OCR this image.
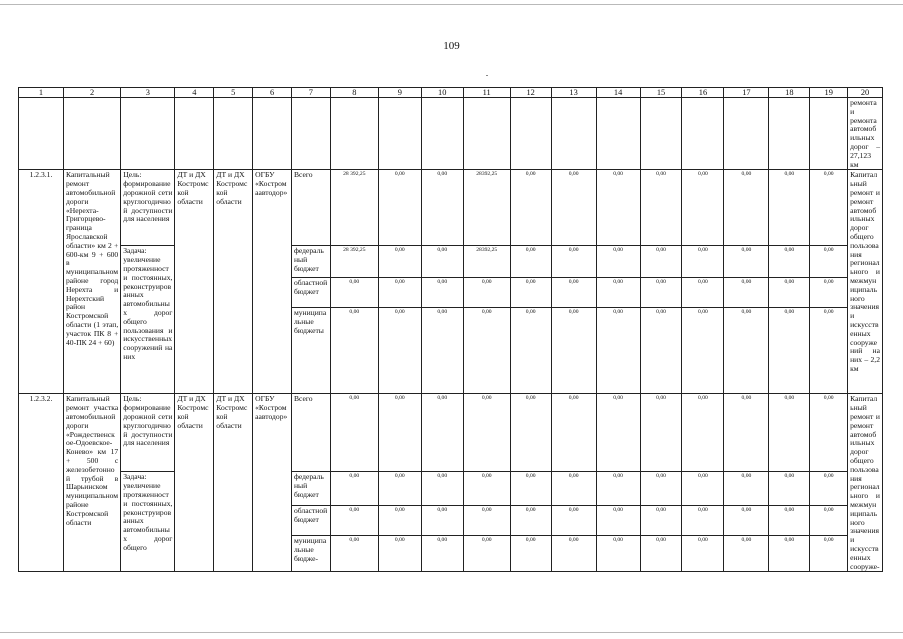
109
1	2	3	4	5	6	7	8	9	10	11	12	13	14	15	16	17	18	19	20
																			ремонта и ремонта автомобильных дорог – 27,123 км
1.2.3.1.	Капитальный ремонт автомобильной дороги «Нерехта-Григорцево-граница Ярославской области» км 2 + 600-км 9 + 600 в муниципальном районе город Нерехта и Нерехтский район Костромской области (1 этап, участок ПК 8 + 40-ПК 24 + 60)	Цель: формирование дорожной сети круглогодичной доступности для населения	ДТ и ДХ Костромской области	ДТ и ДХ Костромской области	ОГБУ «Костромаавтодор»	Всего	28 392,25	0,00	0,00	28392,25	0,00	0,00	0,00	0,00	0,00	0,00	0,00	0,00	Капитальный ремонт и ремонт автомобильных дорог общего пользования регионального и межмуниципального значения и искусственных сооружений на них – 2,2 км
		Задача: увеличение протяженности постоянных, реконструированных автомобильных дорог общего пользования и искусственных сооружений на них				федеральный бюджет	28 392,25	0,00	0,00	28392,25	0,00	0,00	0,00	0,00	0,00	0,00	0,00	0,00	
						областной бюджет	0,00	0,00	0,00	0,00	0,00	0,00	0,00	0,00	0,00	0,00	0,00	0,00	
						муниципальные бюджеты	0,00	0,00	0,00	0,00	0,00	0,00	0,00	0,00	0,00	0,00	0,00	0,00	
1.2.3.2.	Капитальный ремонт участка автомобильной дороги «Рождественское-Одоевское-Конево» км 17 + 500 с железобетонной трубой в Шарьинском муниципальном районе Костромской области	Цель: формирование дорожной сети круглогодичной доступности для населения	ДТ и ДХ Костромской области	ДТ и ДХ Костромской области	ОГБУ «Костромаавтодор»	Всего	0,00	0,00	0,00	0,00	0,00	0,00	0,00	0,00	0,00	0,00	0,00	0,00	Капитальный ремонт и ремонт автомобильных дорог общего пользования регионального и межмуниципального значения и искусственных сооруже-
		Задача: увеличение протяженности постоянных, реконструированных автомобильных дорог общего				федеральный бюджет	0,00	0,00	0,00	0,00	0,00	0,00	0,00	0,00	0,00	0,00	0,00	0,00	
						областной бюджет	0,00	0,00	0,00	0,00	0,00	0,00	0,00	0,00	0,00	0,00	0,00	0,00	
						муниципальные бюдже-	0,00	0,00	0,00	0,00	0,00	0,00	0,00	0,00	0,00	0,00	0,00	0,00	
